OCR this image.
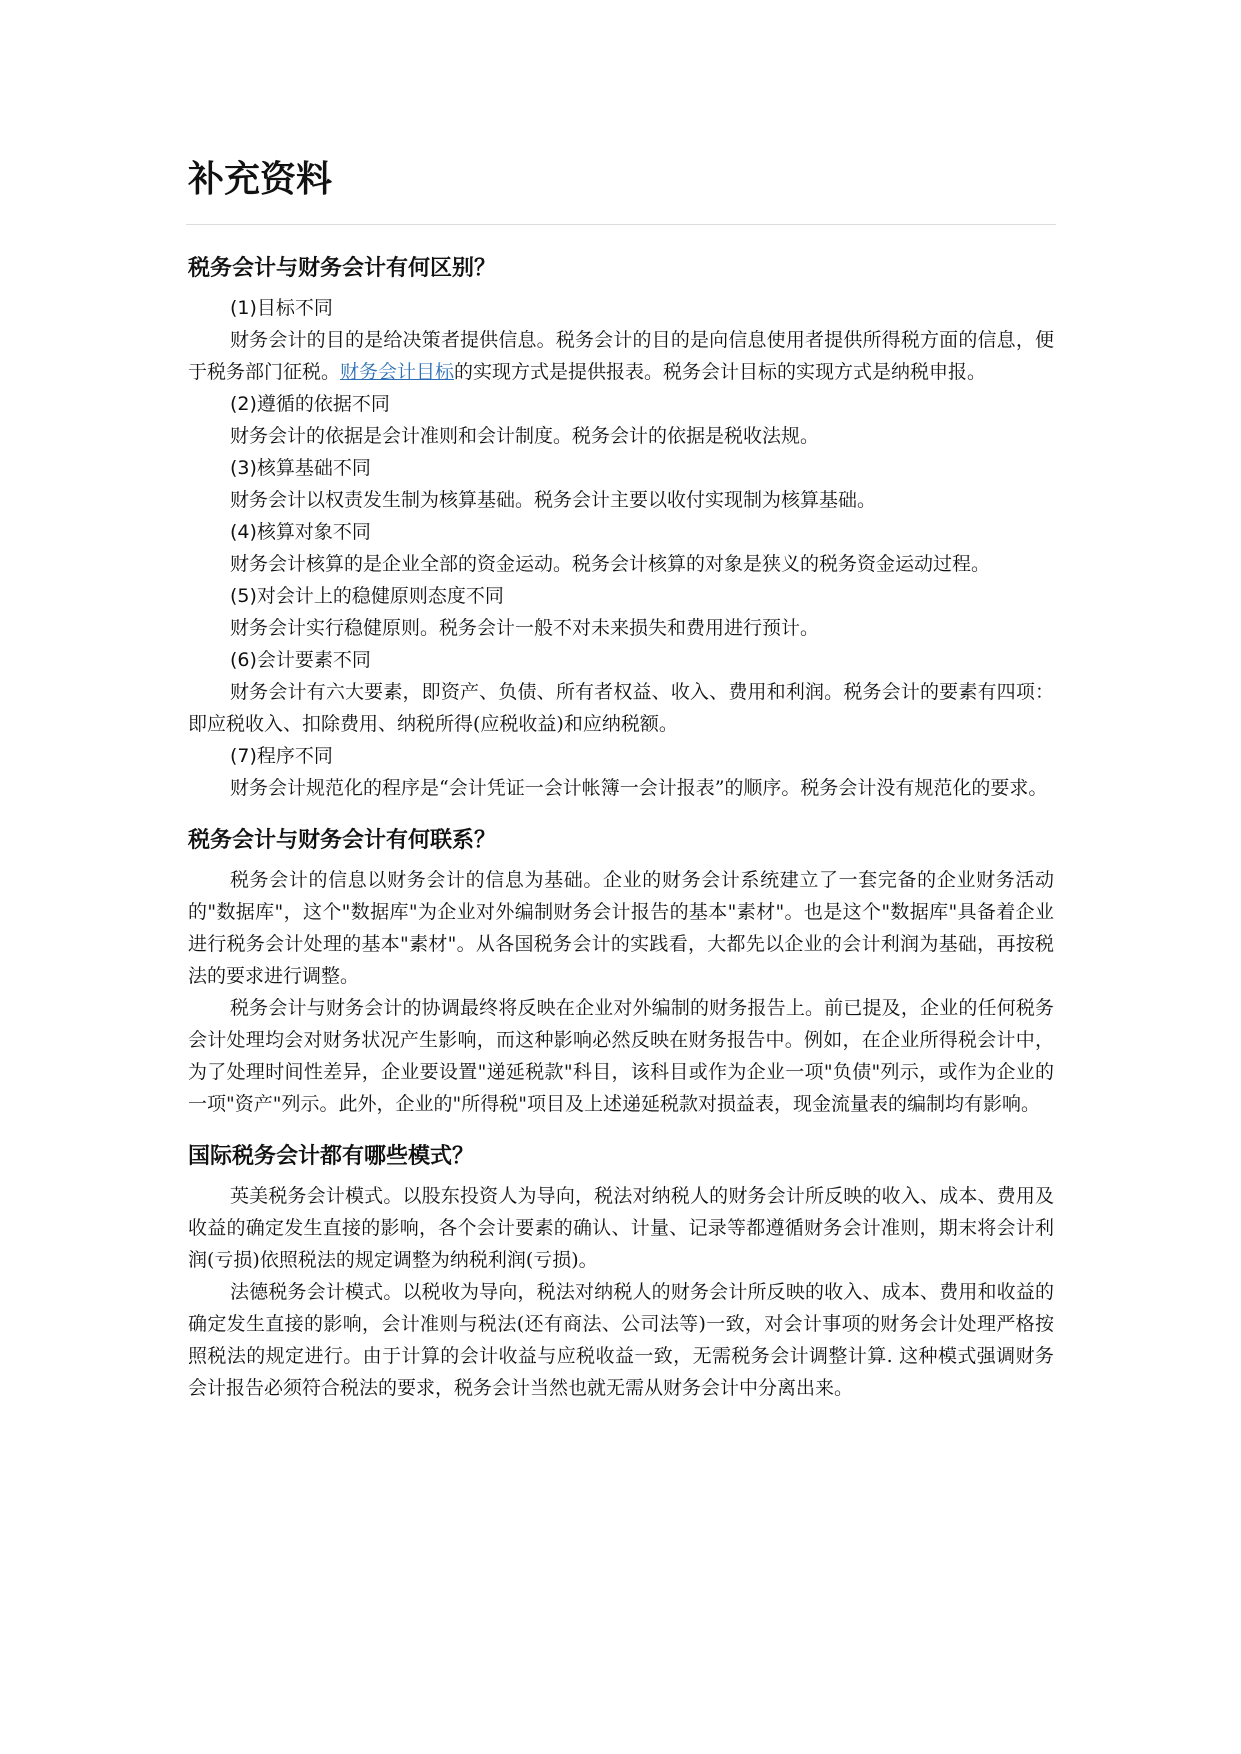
补充资料
税务会计与财务会计有何区别？

(1)目标不同

财务会计的目的是给决策者提供信息。税务会计的目的是向信息使用者提供所得税方面的信息，便于税务部门征税。财务会计目标的实现方式是提供报表。税务会计目标的实现方式是纳税申报。

(2)遵循的依据不同

财务会计的依据是会计准则和会计制度。税务会计的依据是税收法规。

(3)核算基础不同

财务会计以权责发生制为核算基础。税务会计主要以收付实现制为核算基础。

(4)核算对象不同

财务会计核算的是企业全部的资金运动。税务会计核算的对象是狭义的税务资金运动过程。

(5)对会计上的稳健原则态度不同

财务会计实行稳健原则。税务会计一般不对未来损失和费用进行预计。

(6)会计要素不同

财务会计有六大要素，即资产、负债、所有者权益、收入、费用和利润。税务会计的要素有四项：即应税收入、扣除费用、纳税所得(应税收益)和应纳税额。

(7)程序不同

财务会计规范化的程序是“会计凭证一会计帐簿一会计报表”的顺序。税务会计没有规范化的要求。

税务会计与财务会计有何联系？

税务会计的信息以财务会计的信息为基础。企业的财务会计系统建立了一套完备的企业财务活动的"数据库"，这个"数据库"为企业对外编制财务会计报告的基本"素材"。也是这个"数据库"具备着企业进行税务会计处理的基本"素材"。从各国税务会计的实践看，大都先以企业的会计利润为基础，再按税法的要求进行调整。

税务会计与财务会计的协调最终将反映在企业对外编制的财务报告上。前已提及，企业的任何税务会计处理均会对财务状况产生影响，而这种影响必然反映在财务报告中。例如，在企业所得税会计中，为了处理时间性差异，企业要设置"递延税款"科目，该科目或作为企业一项"负债"列示，或作为企业的一项"资产"列示。此外，企业的"所得税"项目及上述递延税款对损益表，现金流量表的编制均有影响。

国际税务会计都有哪些模式？

英美税务会计模式。以股东投资人为导向，税法对纳税人的财务会计所反映的收入、成本、费用及收益的确定发生直接的影响，各个会计要素的确认、计量、记录等都遵循财务会计准则，期末将会计利润(亏损)依照税法的规定调整为纳税利润(亏损)。

法德税务会计模式。以税收为导向，税法对纳税人的财务会计所反映的收入、成本、费用和收益的确定发生直接的影响，会计准则与税法(还有商法、公司法等)一致，对会计事项的财务会计处理严格按照税法的规定进行。由于计算的会计收益与应税收益一致，无需税务会计调整计算. 这种模式强调财务会计报告必须符合税法的要求，税务会计当然也就无需从财务会计中分离出来。
